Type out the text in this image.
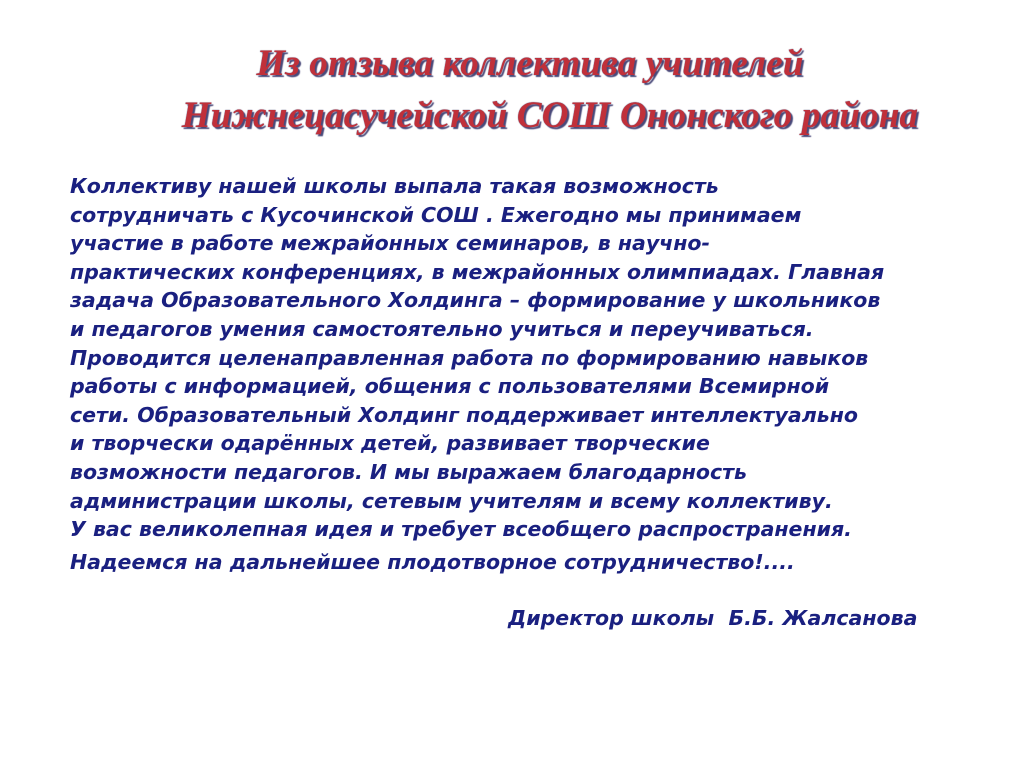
Из отзыва коллектива учителей
Нижнецасучейской СОШ Ононского района
Коллективу нашей школы выпала такая возможность
сотрудничать с Кусочинской СОШ . Ежегодно мы принимаем
участие в работе межрайонных семинаров, в научно-
практических конференциях, в межрайонных олимпиадах. Главная
задача Образовательного Холдинга – формирование у школьников
и педагогов умения самостоятельно учиться и переучиваться.
Проводится целенаправленная работа по формированию навыков
работы с информацией, общения с пользователями Всемирной
сети. Образовательный Холдинг поддерживает интеллектуально
и творчески одарённых детей, развивает творческие
возможности педагогов. И мы выражаем благодарность
администрации школы, сетевым учителям и всему коллективу.
У вас великолепная идея и требует всеобщего распространения.
Надеемся на дальнейшее плодотворное сотрудничество!....
Директор школы  Б.Б. Жалсанова
